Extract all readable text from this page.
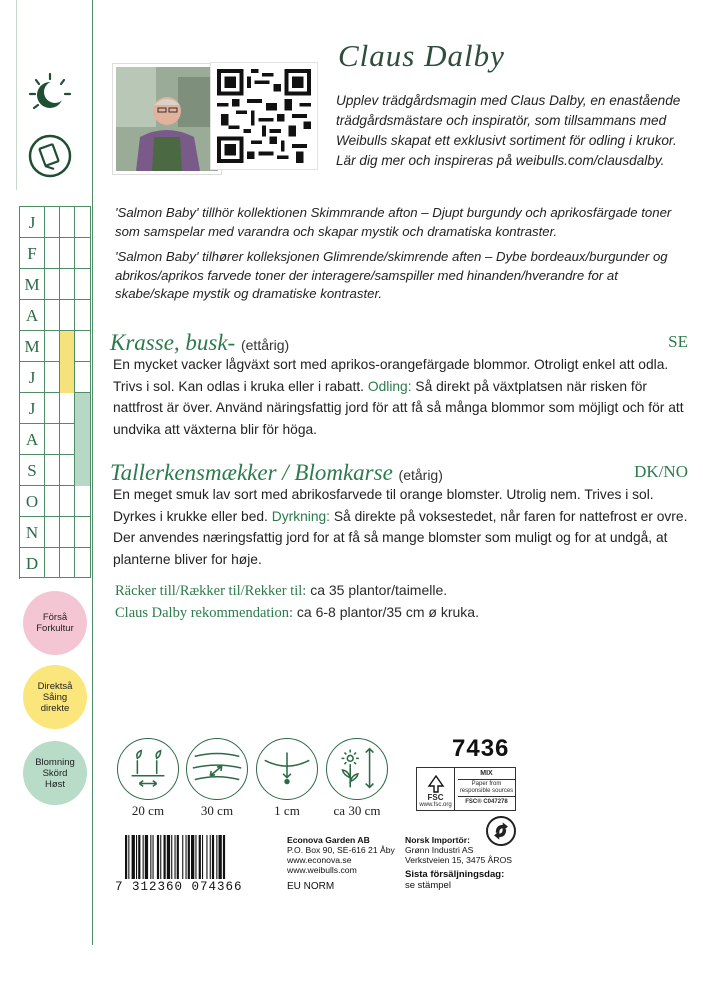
J
F
M
A
M
J
J
A
S
O
N
D
Förså
Forkultur
Direktså
Såing
direkte
Blomning
Skörd
Høst
Claus Dalby
Upplev trädgårdsmagin med Claus Dalby, en enastående trädgårdsmästare och inspiratör, som tillsammans med Weibulls skapat ett exklusivt sortiment för odling i krukor. Lär dig mer och inspireras på weibulls.com/clausdalby.
'Salmon Baby' tillhör kollektionen Skimmrande afton – Djupt burgundy och aprikosfärgade toner som samspelar med varandra och skapar mystik och dramatiska kontraster.
'Salmon Baby' tilhører kolleksjonen Glimrende/skimrende aften – Dybe bordeaux/burgunder og abrikos/aprikos farvede toner der interagere/samspiller med hinanden/hverandre for at skabe/skape mystik og dramatiske kontraster.
Krasse, busk- (ettårig)	SE
En mycket vacker lågväxt sort med aprikos-orangefärgade blommor. Otroligt enkel att odla. Trivs i sol. Kan odlas i kruka eller i rabatt. Odling: Så direkt på växtplatsen när risken för nattfrost är över. Använd näringsfattig jord för att få så många blommor som möjligt och för att undvika att växterna blir för höga.
Tallerkensmækker / Blomkarse (etårig)	DK/NO
En meget smuk lav sort med abrikosfarvede til orange blomster. Utrolig nem. Trives i sol. Dyrkes i krukke eller bed. Dyrkning: Så direkte på voksestedet, når faren for nattefrost er ovre. Der anvendes næringsfattig jord for at få så mange blomster som muligt og for at undgå, at planterne bliver for høje.
Räcker till/Rækker til/Rekker til: ca 35 plantor/taimelle.
Claus Dalby rekommendation: ca 6-8 plantor/35 cm ø kruka.
20 cm	30 cm	1 cm	ca 30 cm
7436
FSC
www.fsc.org
MIX
Paper from responsible sources
FSC® C047278
7 312360 074366
Econova Garden AB
P.O. Box 90, SE-616 21 Åby
www.econova.se
www.weibulls.com
EU NORM
Norsk Importör:
Grønn Industri AS
Verkstveien 15, 3475 ÅROS
Sista försäljningsdag:
se stämpel
